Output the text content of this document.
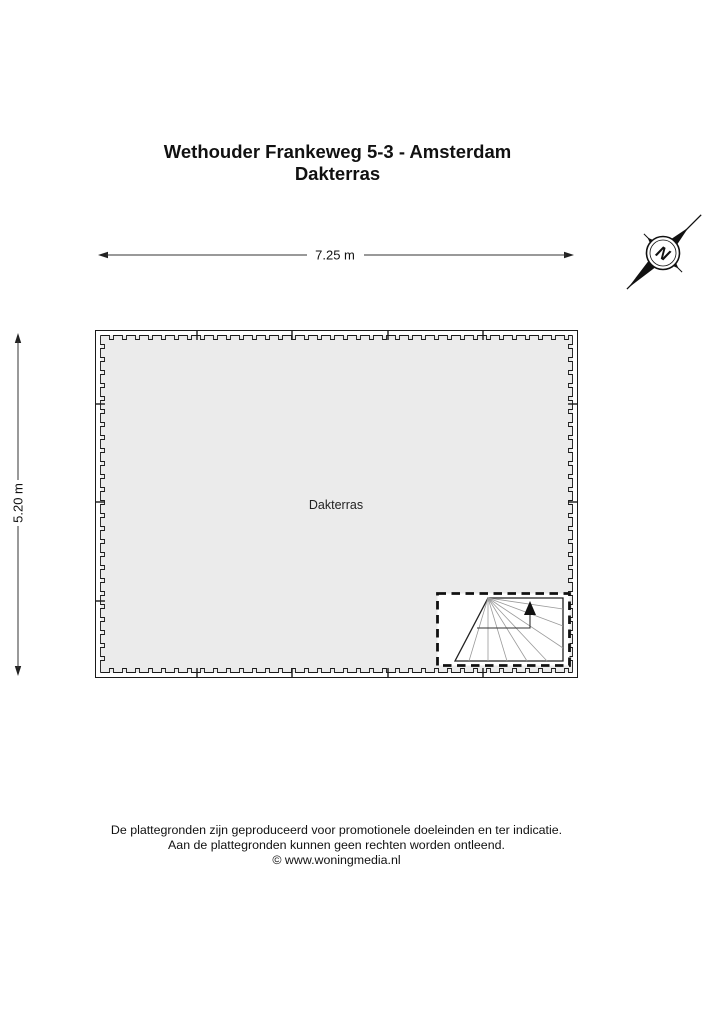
Wethouder Frankeweg 5-3 - Amsterdam
Dakterras
N
7.25 m
5.20 m	Dakterras
De plattegronden zijn geproduceerd voor promotionele doeleinden en ter indicatie.
Aan de plattegronden kunnen geen rechten worden ontleend.
© www.woningmedia.nl
